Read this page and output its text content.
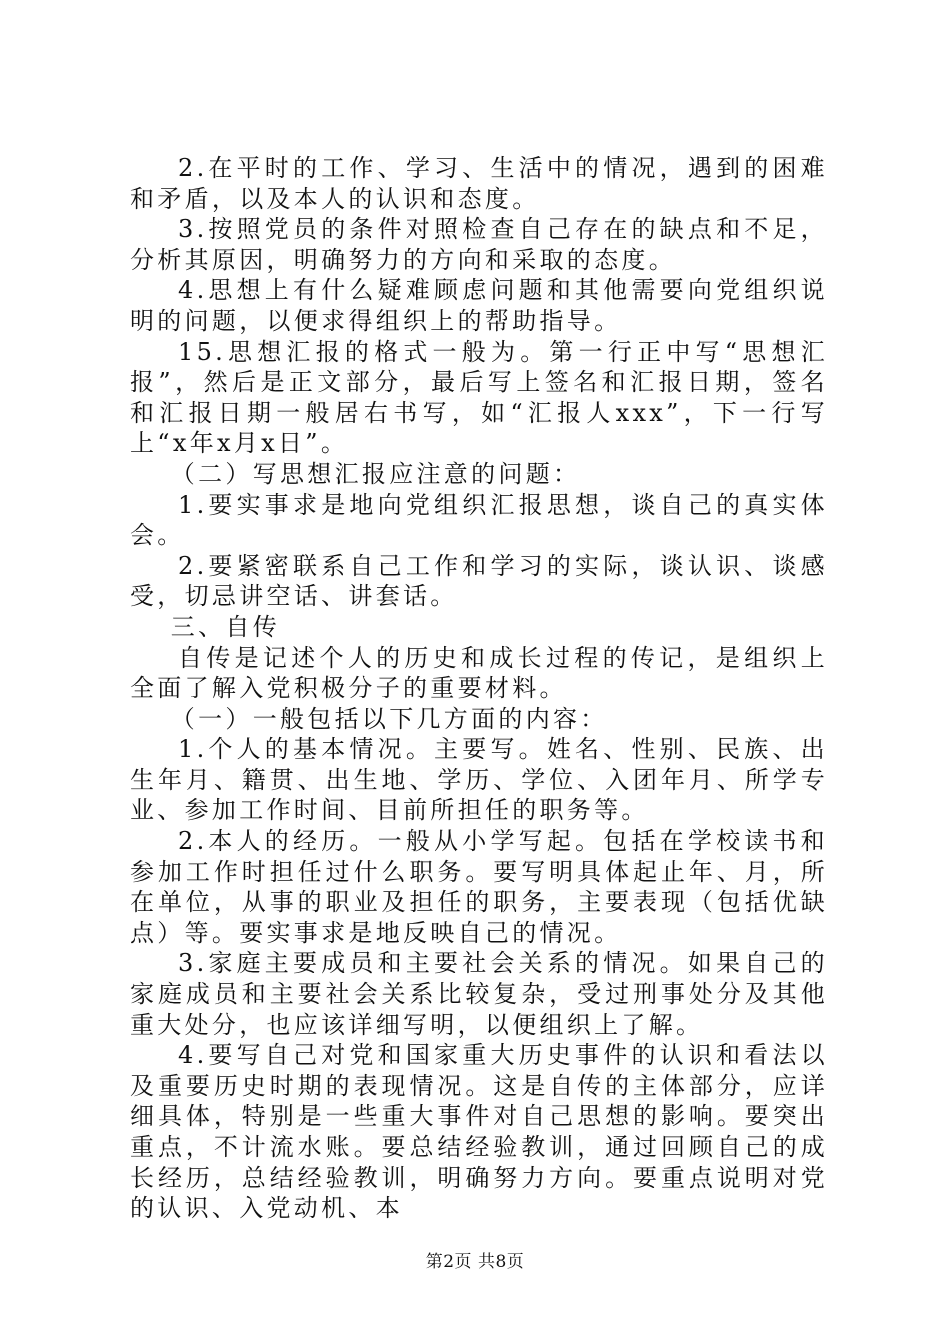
2.在平时的工作、学习、生活中的情况，遇到的困难和矛盾，以及本人的认识和态度。

3.按照党员的条件对照检查自己存在的缺点和不足，分析其原因，明确努力的方向和采取的态度。

4.思想上有什么疑难顾虑问题和其他需要向党组织说明的问题，以便求得组织上的帮助指导。

15.思想汇报的格式一般为。第一行正中写“思想汇报”，然后是正文部分，最后写上签名和汇报日期，签名和汇报日期一般居右书写，如“汇报人xxx”，下一行写上“x年x月x日”。

（二）写思想汇报应注意的问题：

1.要实事求是地向党组织汇报思想，谈自己的真实体会。

2.要紧密联系自己工作和学习的实际，谈认识、谈感受，切忌讲空话、讲套话。

三、自传

自传是记述个人的历史和成长过程的传记，是组织上全面了解入党积极分子的重要材料。

（一）一般包括以下几方面的内容：

1.个人的基本情况。主要写。姓名、性别、民族、出生年月、籍贯、出生地、学历、学位、入团年月、所学专业、参加工作时间、目前所担任的职务等。

2.本人的经历。一般从小学写起。包括在学校读书和参加工作时担任过什么职务。要写明具体起止年、月，所在单位，从事的职业及担任的职务，主要表现（包括优缺点）等。要实事求是地反映自己的情况。

3.家庭主要成员和主要社会关系的情况。如果自己的家庭成员和主要社会关系比较复杂，受过刑事处分及其他重大处分，也应该详细写明，以便组织上了解。

4.要写自己对党和国家重大历史事件的认识和看法以及重要历史时期的表现情况。这是自传的主体部分，应详细具体，特别是一些重大事件对自己思想的影响。要突出重点，不计流水账。要总结经验教训，通过回顾自己的成长经历，总结经验教训，明确努力方向。要重点说明对党的认识、入党动机、本

第2页 共8页
